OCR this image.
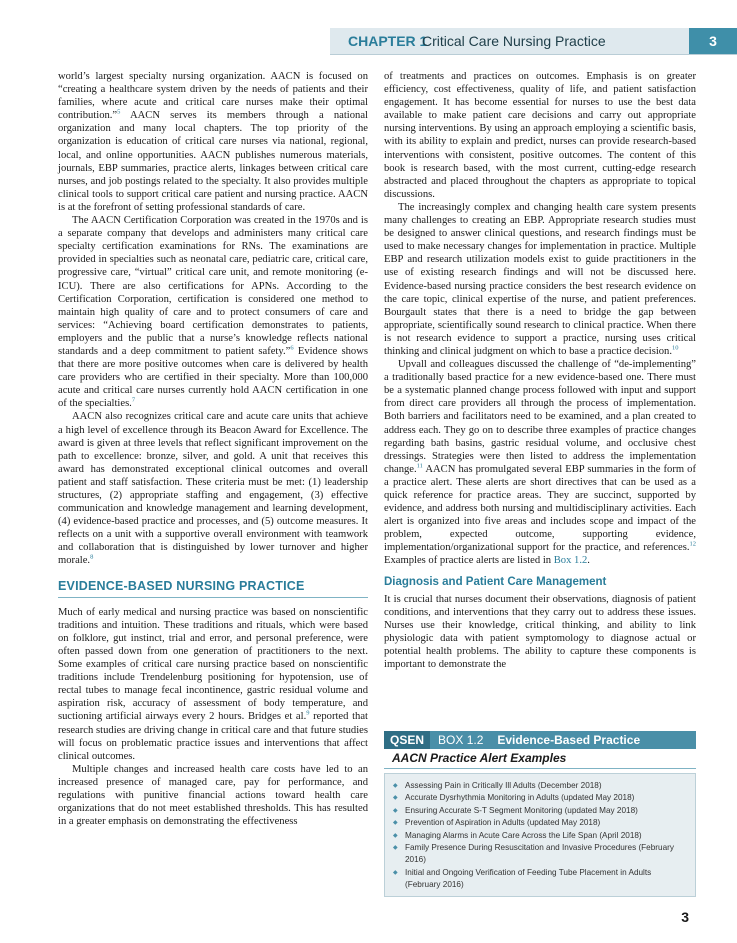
CHAPTER 1
Critical Care Nursing Practice	3

world’s largest specialty nursing organization. AACN is focused on “creating a healthcare system driven by the needs of patients and their families, where acute and critical care nurses make their optimal contribution.”$^5$ AACN serves its members through a national organization and many local chapters. The top priority of the organization is education of critical care nurses via national, regional, local, and online opportunities. AACN publishes numerous materials, journals, EBP summaries, practice alerts, linkages between critical care nurses, and job postings related to the specialty. It also provides multiple clinical tools to support critical care patient and nursing practice. AACN is at the forefront of setting professional standards of care.

The AACN Certification Corporation was created in the 1970s and is a separate company that develops and administers many critical care specialty certification examinations for RNs. The examinations are provided in specialties such as neonatal care, pediatric care, critical care, progressive care, “virtual” critical care unit, and remote monitoring (e-ICU). There are also certifications for APNs. According to the Certification Corporation, certification is considered one method to maintain high quality of care and to protect consumers of care and services: “Achieving board certification demonstrates to patients, employers and the public that a nurse’s knowledge reflects national standards and a deep commitment to patient safety.”$^6$ Evidence shows that there are more positive outcomes when care is delivered by health care providers who are certified in their specialty. More than 100,000 acute and critical care nurses currently hold AACN certification in one of the specialties.$^7$

AACN also recognizes critical care and acute care units that achieve a high level of excellence through its Beacon Award for Excellence. The award is given at three levels that reflect significant improvement on the path to excellence: bronze, silver, and gold. A unit that receives this award has demonstrated exceptional clinical outcomes and overall patient and staff satisfaction. These criteria must be met: (1) leadership structures, (2) appropriate staffing and engagement, (3) effective communication and knowledge management and learning development, (4) evidence-based practice and processes, and (5) outcome measures. It reflects on a unit with a supportive overall environment with teamwork and collaboration that is distinguished by lower turnover and higher morale.$^8$

EVIDENCE-BASED NURSING PRACTICE

Much of early medical and nursing practice was based on nonscientific traditions and intuition. These traditions and rituals, which were based on folklore, gut instinct, trial and error, and personal preference, were often passed down from one generation of practitioners to the next. Some examples of critical care nursing practice based on nonscientific traditions include Trendelenburg positioning for hypotension, use of rectal tubes to manage fecal incontinence, gastric residual volume and aspiration risk, accuracy of assessment of body temperature, and suctioning artificial airways every 2 hours. Bridges et al.$^9$ reported that research studies are driving change in critical care and that future studies will focus on problematic practice issues and interventions that affect clinical outcomes.

Multiple changes and increased health care costs have led to an increased presence of managed care, pay for performance, and regulations with punitive financial actions toward health care organizations that do not meet established thresholds. This has resulted in a greater emphasis on demonstrating the effectiveness

of treatments and practices on outcomes. Emphasis is on greater efficiency, cost effectiveness, quality of life, and patient satisfaction engagement. It has become essential for nurses to use the best data available to make patient care decisions and carry out appropriate nursing interventions. By using an approach employing a scientific basis, with its ability to explain and predict, nurses can provide research-based interventions with consistent, positive outcomes. The content of this book is research based, with the most current, cutting-edge research abstracted and placed throughout the chapters as appropriate to topical discussions.

The increasingly complex and changing health care system presents many challenges to creating an EBP. Appropriate research studies must be designed to answer clinical questions, and research findings must be used to make necessary changes for implementation in practice. Multiple EBP and research utilization models exist to guide practitioners in the use of existing research findings and will not be discussed here. Evidence-based nursing practice considers the best research evidence on the care topic, clinical expertise of the nurse, and patient preferences. Bourgault states that there is a need to bridge the gap between appropriate, scientifically sound research to clinical practice. When there is not research evidence to support a practice, nursing uses critical thinking and clinical judgment on which to base a practice decision.$^{10}$

Upvall and colleagues discussed the challenge of “de-implementing” a traditionally based practice for a new evidence-based one. There must be a systematic planned change process followed with input and support from direct care providers all through the process of implementation. Both barriers and facilitators need to be examined, and a plan created to address each. They go on to describe three examples of practice changes regarding bath basins, gastric residual volume, and occlusive chest dressings. Strategies were then listed to address the implementation change.$^{11}$ AACN has promulgated several EBP summaries in the form of a practice alert. These alerts are short directives that can be used as a quick reference for practice areas. They are succinct, supported by evidence, and address both nursing and multidisciplinary activities. Each alert is organized into five areas and includes scope and impact of the problem, expected outcome, supporting evidence, implementation/organizational support for the practice, and references.$^{12}$ Examples of practice alerts are listed in Box 1.2.

Diagnosis and Patient Care Management

It is crucial that nurses document their observations, diagnosis of patient conditions, and interventions that they carry out to address these issues. Nurses use their knowledge, critical thinking, and ability to link physiologic data with patient symptomology to diagnose actual or potential health problems. The ability to capture these components is important to demonstrate the

QSEN	BOX 1.2 Evidence-Based Practice
AACN Practice Alert Examples
◆ Assessing Pain in Critically Ill Adults (December 2018)
◆ Accurate Dysrhythmia Monitoring in Adults (updated May 2018)
◆ Ensuring Accurate S-T Segment Monitoring (updated May 2018)
◆ Prevention of Aspiration in Adults (updated May 2018)
◆ Managing Alarms in Acute Care Across the Life Span (April 2018)
◆ Family Presence During Resuscitation and Invasive Procedures (February 2016)
◆ Initial and Ongoing Verification of Feeding Tube Placement in Adults (February 2016)
3
